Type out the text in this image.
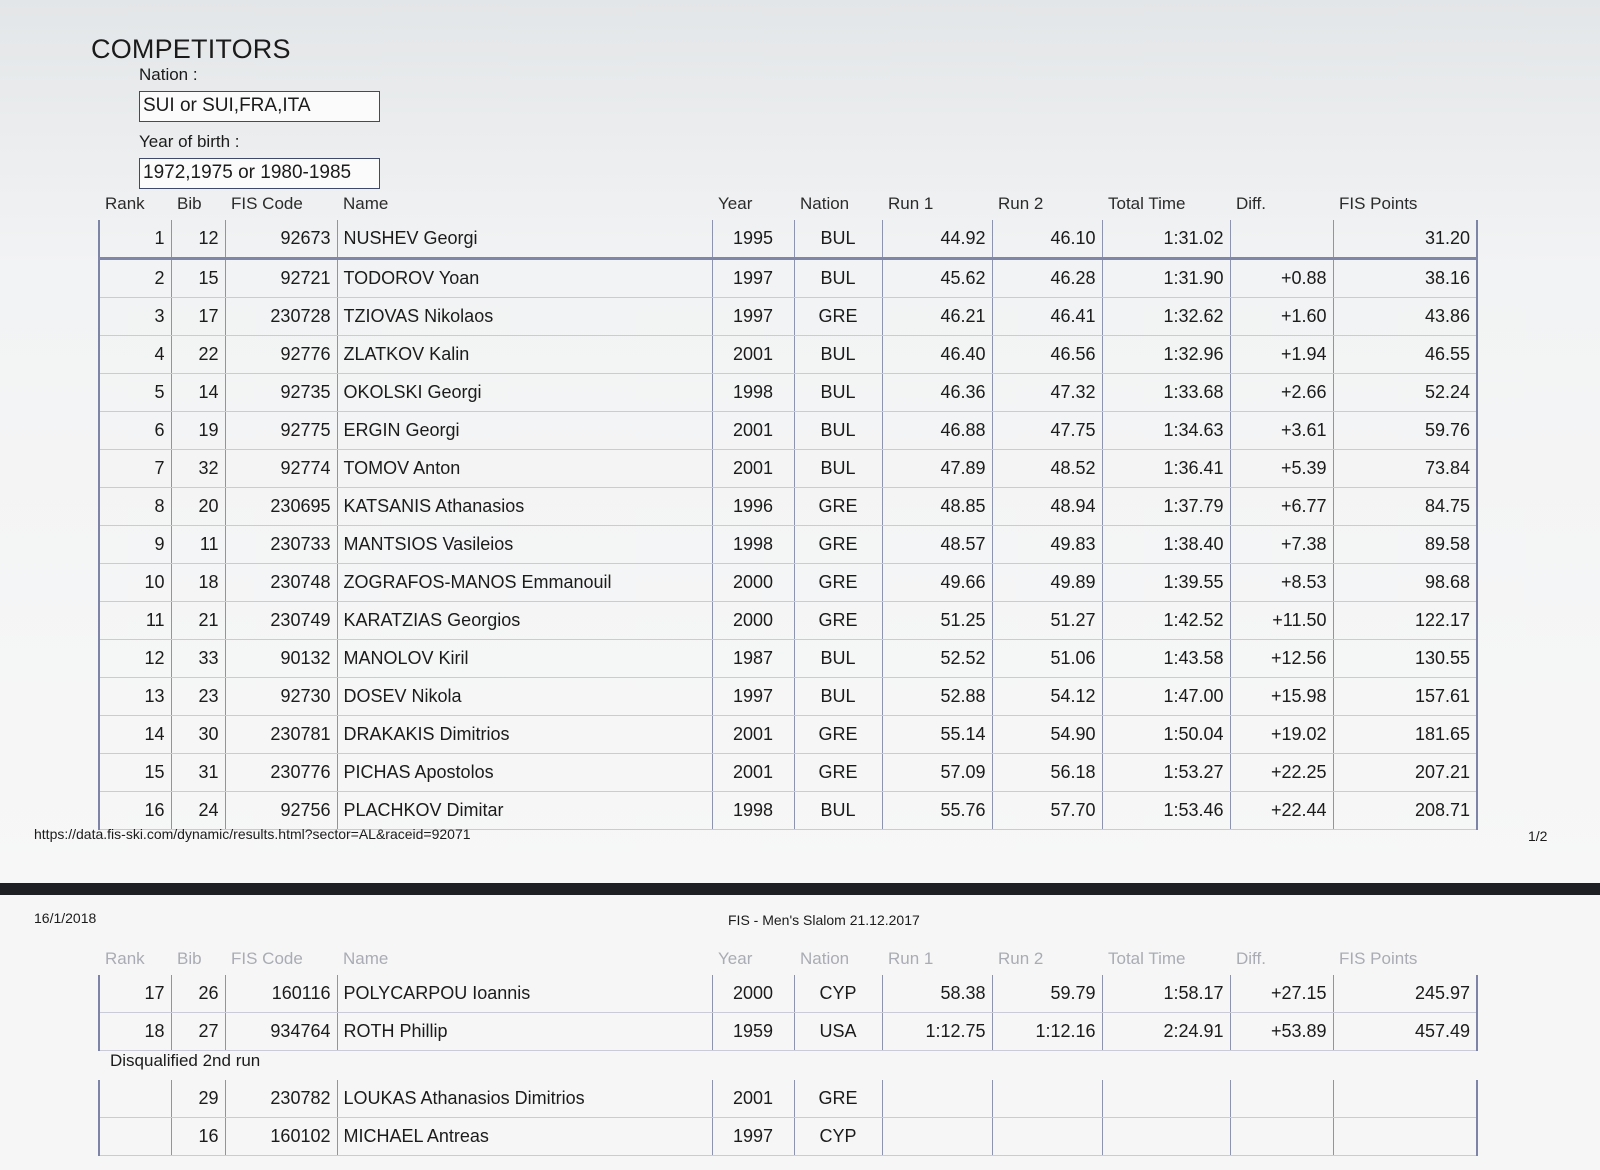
COMPETITORS
Nation :
SUI or SUI,FRA,ITA
Year of birth :
1972,1975 or 1980-1985
Rank	Bib	FIS Code	Name	Year	Nation	Run 1	Run 2	Total Time	Diff.	FIS Points
1	12	92673	NUSHEV Georgi	1995	BUL	44.92	46.10	1:31.02		31.20
2	15	92721	TODOROV Yoan	1997	BUL	45.62	46.28	1:31.90	+0.88	38.16
3	17	230728	TZIOVAS Nikolaos	1997	GRE	46.21	46.41	1:32.62	+1.60	43.86
4	22	92776	ZLATKOV Kalin	2001	BUL	46.40	46.56	1:32.96	+1.94	46.55
5	14	92735	OKOLSKI Georgi	1998	BUL	46.36	47.32	1:33.68	+2.66	52.24
6	19	92775	ERGIN Georgi	2001	BUL	46.88	47.75	1:34.63	+3.61	59.76
7	32	92774	TOMOV Anton	2001	BUL	47.89	48.52	1:36.41	+5.39	73.84
8	20	230695	KATSANIS Athanasios	1996	GRE	48.85	48.94	1:37.79	+6.77	84.75
9	11	230733	MANTSIOS Vasileios	1998	GRE	48.57	49.83	1:38.40	+7.38	89.58
10	18	230748	ZOGRAFOS-MANOS Emmanouil	2000	GRE	49.66	49.89	1:39.55	+8.53	98.68
11	21	230749	KARATZIAS Georgios	2000	GRE	51.25	51.27	1:42.52	+11.50	122.17
12	33	90132	MANOLOV Kiril	1987	BUL	52.52	51.06	1:43.58	+12.56	130.55
13	23	92730	DOSEV Nikola	1997	BUL	52.88	54.12	1:47.00	+15.98	157.61
14	30	230781	DRAKAKIS Dimitrios	2001	GRE	55.14	54.90	1:50.04	+19.02	181.65
15	31	230776	PICHAS Apostolos	2001	GRE	57.09	56.18	1:53.27	+22.25	207.21
16	24	92756	PLACHKOV Dimitar	1998	BUL	55.76	57.70	1:53.46	+22.44	208.71
https://data.fis-ski.com/dynamic/results.html?sector=AL&raceid=92071	1/2
16/1/2018	FIS - Men's Slalom 21.12.2017
Rank	Bib	FIS Code	Name	Year	Nation	Run 1	Run 2	Total Time	Diff.	FIS Points
17	26	160116	POLYCARPOU Ioannis	2000	CYP	58.38	59.79	1:58.17	+27.15	245.97
18	27	934764	ROTH Phillip	1959	USA	1:12.75	1:12.16	2:24.91	+53.89	457.49
Disqualified 2nd run
	29	230782	LOUKAS Athanasios Dimitrios	2001	GRE					
	16	160102	MICHAEL Antreas	1997	CYP					
